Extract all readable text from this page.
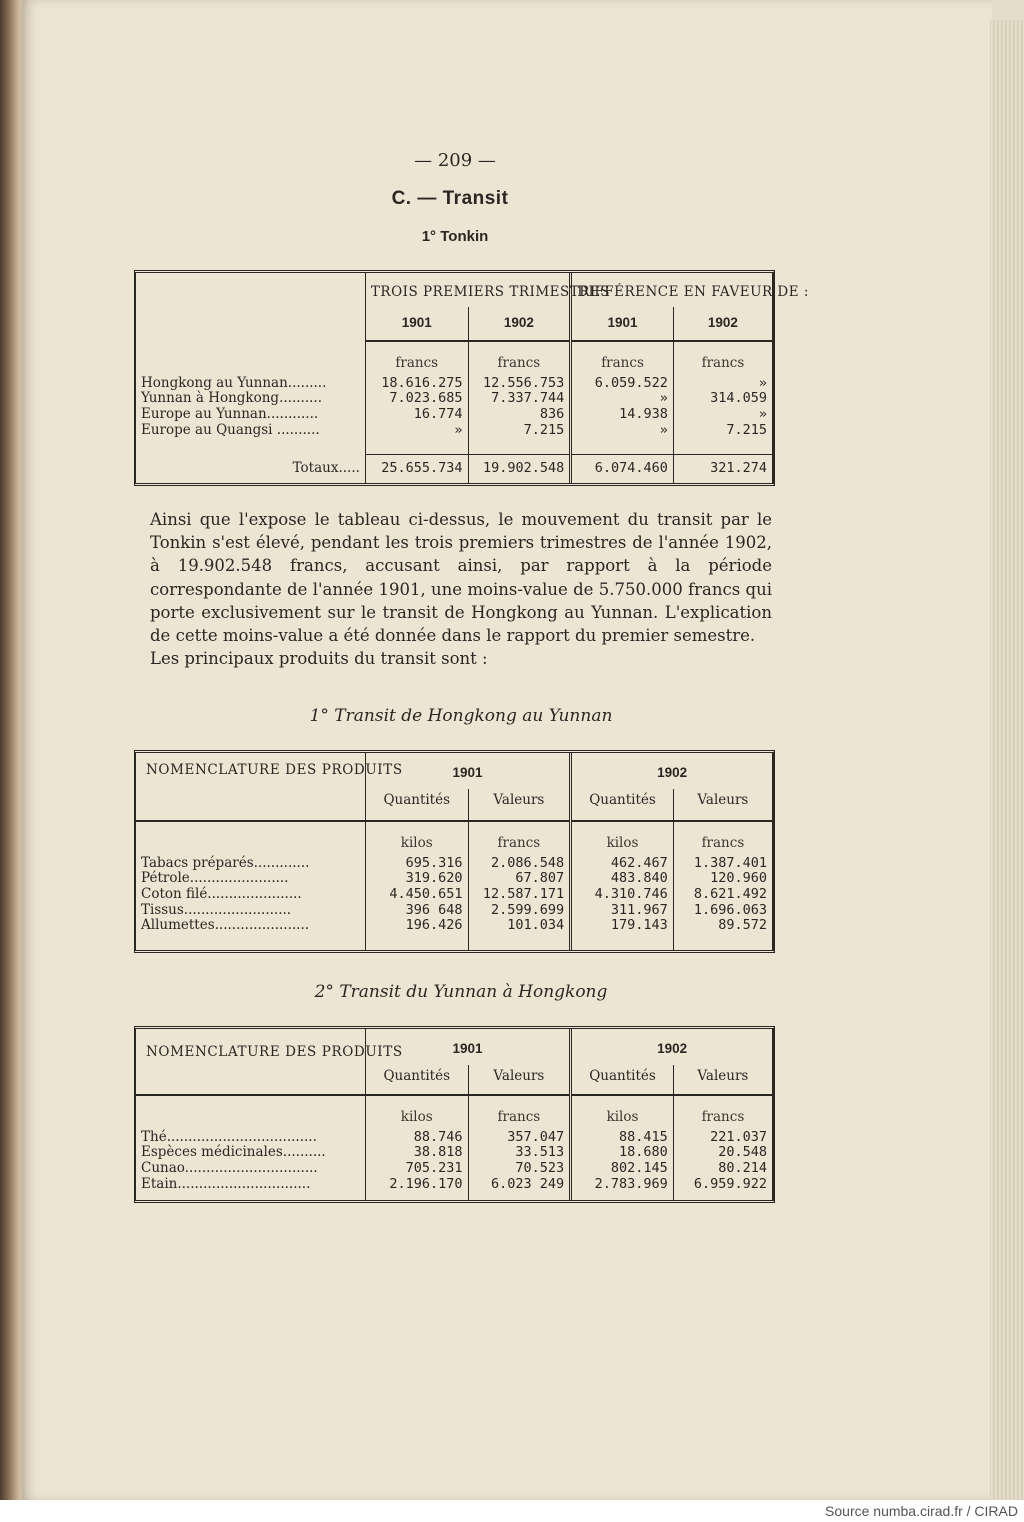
— 209 —
C. — Transit
1° Tonkin
	TROIS PREMIERS TRIMESTRES		DIFFÉRENCE EN FAVEUR DE :	
	1901	1902	1901	1902
	francs	francs	francs	francs
Hongkong au Yunnan.........	18.616.275	12.556.753	6.059.522	»
Yunnan à Hongkong..........	7.023.685	7.337.744	»	314.059
Europe au Yunnan............	16.774	836	14.938	»
Europe au Quangsi ..........	»	7.215	»	7.215
Totaux.....	25.655.734	19.902.548	6.074.460	321.274

Ainsi que l'expose le tableau ci-dessus, le mouvement du transit par le Tonkin s'est élevé, pendant les trois premiers trimestres de l'année 1902, à 19.902.548 francs, accusant ainsi, par rapport à la période correspondante de l'année 1901, une moins-value de 5.750.000 francs qui porte exclusivement sur le transit de Hongkong au Yunnan. L'explication de cette moins-value a été donnée dans le rapport du premier semestre.

Les principaux produits du transit sont :

1° Transit de Hongkong au Yunnan
NOMENCLATURE DES PRODUITS	1901		1902	
	Quantités	Valeurs	Quantités	Valeurs
	kilos	francs	kilos	francs
Tabacs préparés.............	695.316	2.086.548	462.467	1.387.401
Pétrole.......................	319.620	67.807	483.840	120.960
Coton filé......................	4.450.651	12.587.171	4.310.746	8.621.492
Tissus.........................	396 648	2.599.699	311.967	1.696.063
Allumettes......................	196.426	101.034	179.143	89.572
2° Transit du Yunnan à Hongkong
NOMENCLATURE DES PRODUITS	1901		1902	
	Quantités	Valeurs	Quantités	Valeurs
	kilos	francs	kilos	francs
Thé...................................	88.746	357.047	88.415	221.037
Espèces médicinales..........	38.818	33.513	18.680	20.548
Cunao...............................	705.231	70.523	802.145	80.214
Etain...............................	2.196.170	6.023 249	2.783.969	6.959.922
Source numba.cirad.fr / CIRAD
